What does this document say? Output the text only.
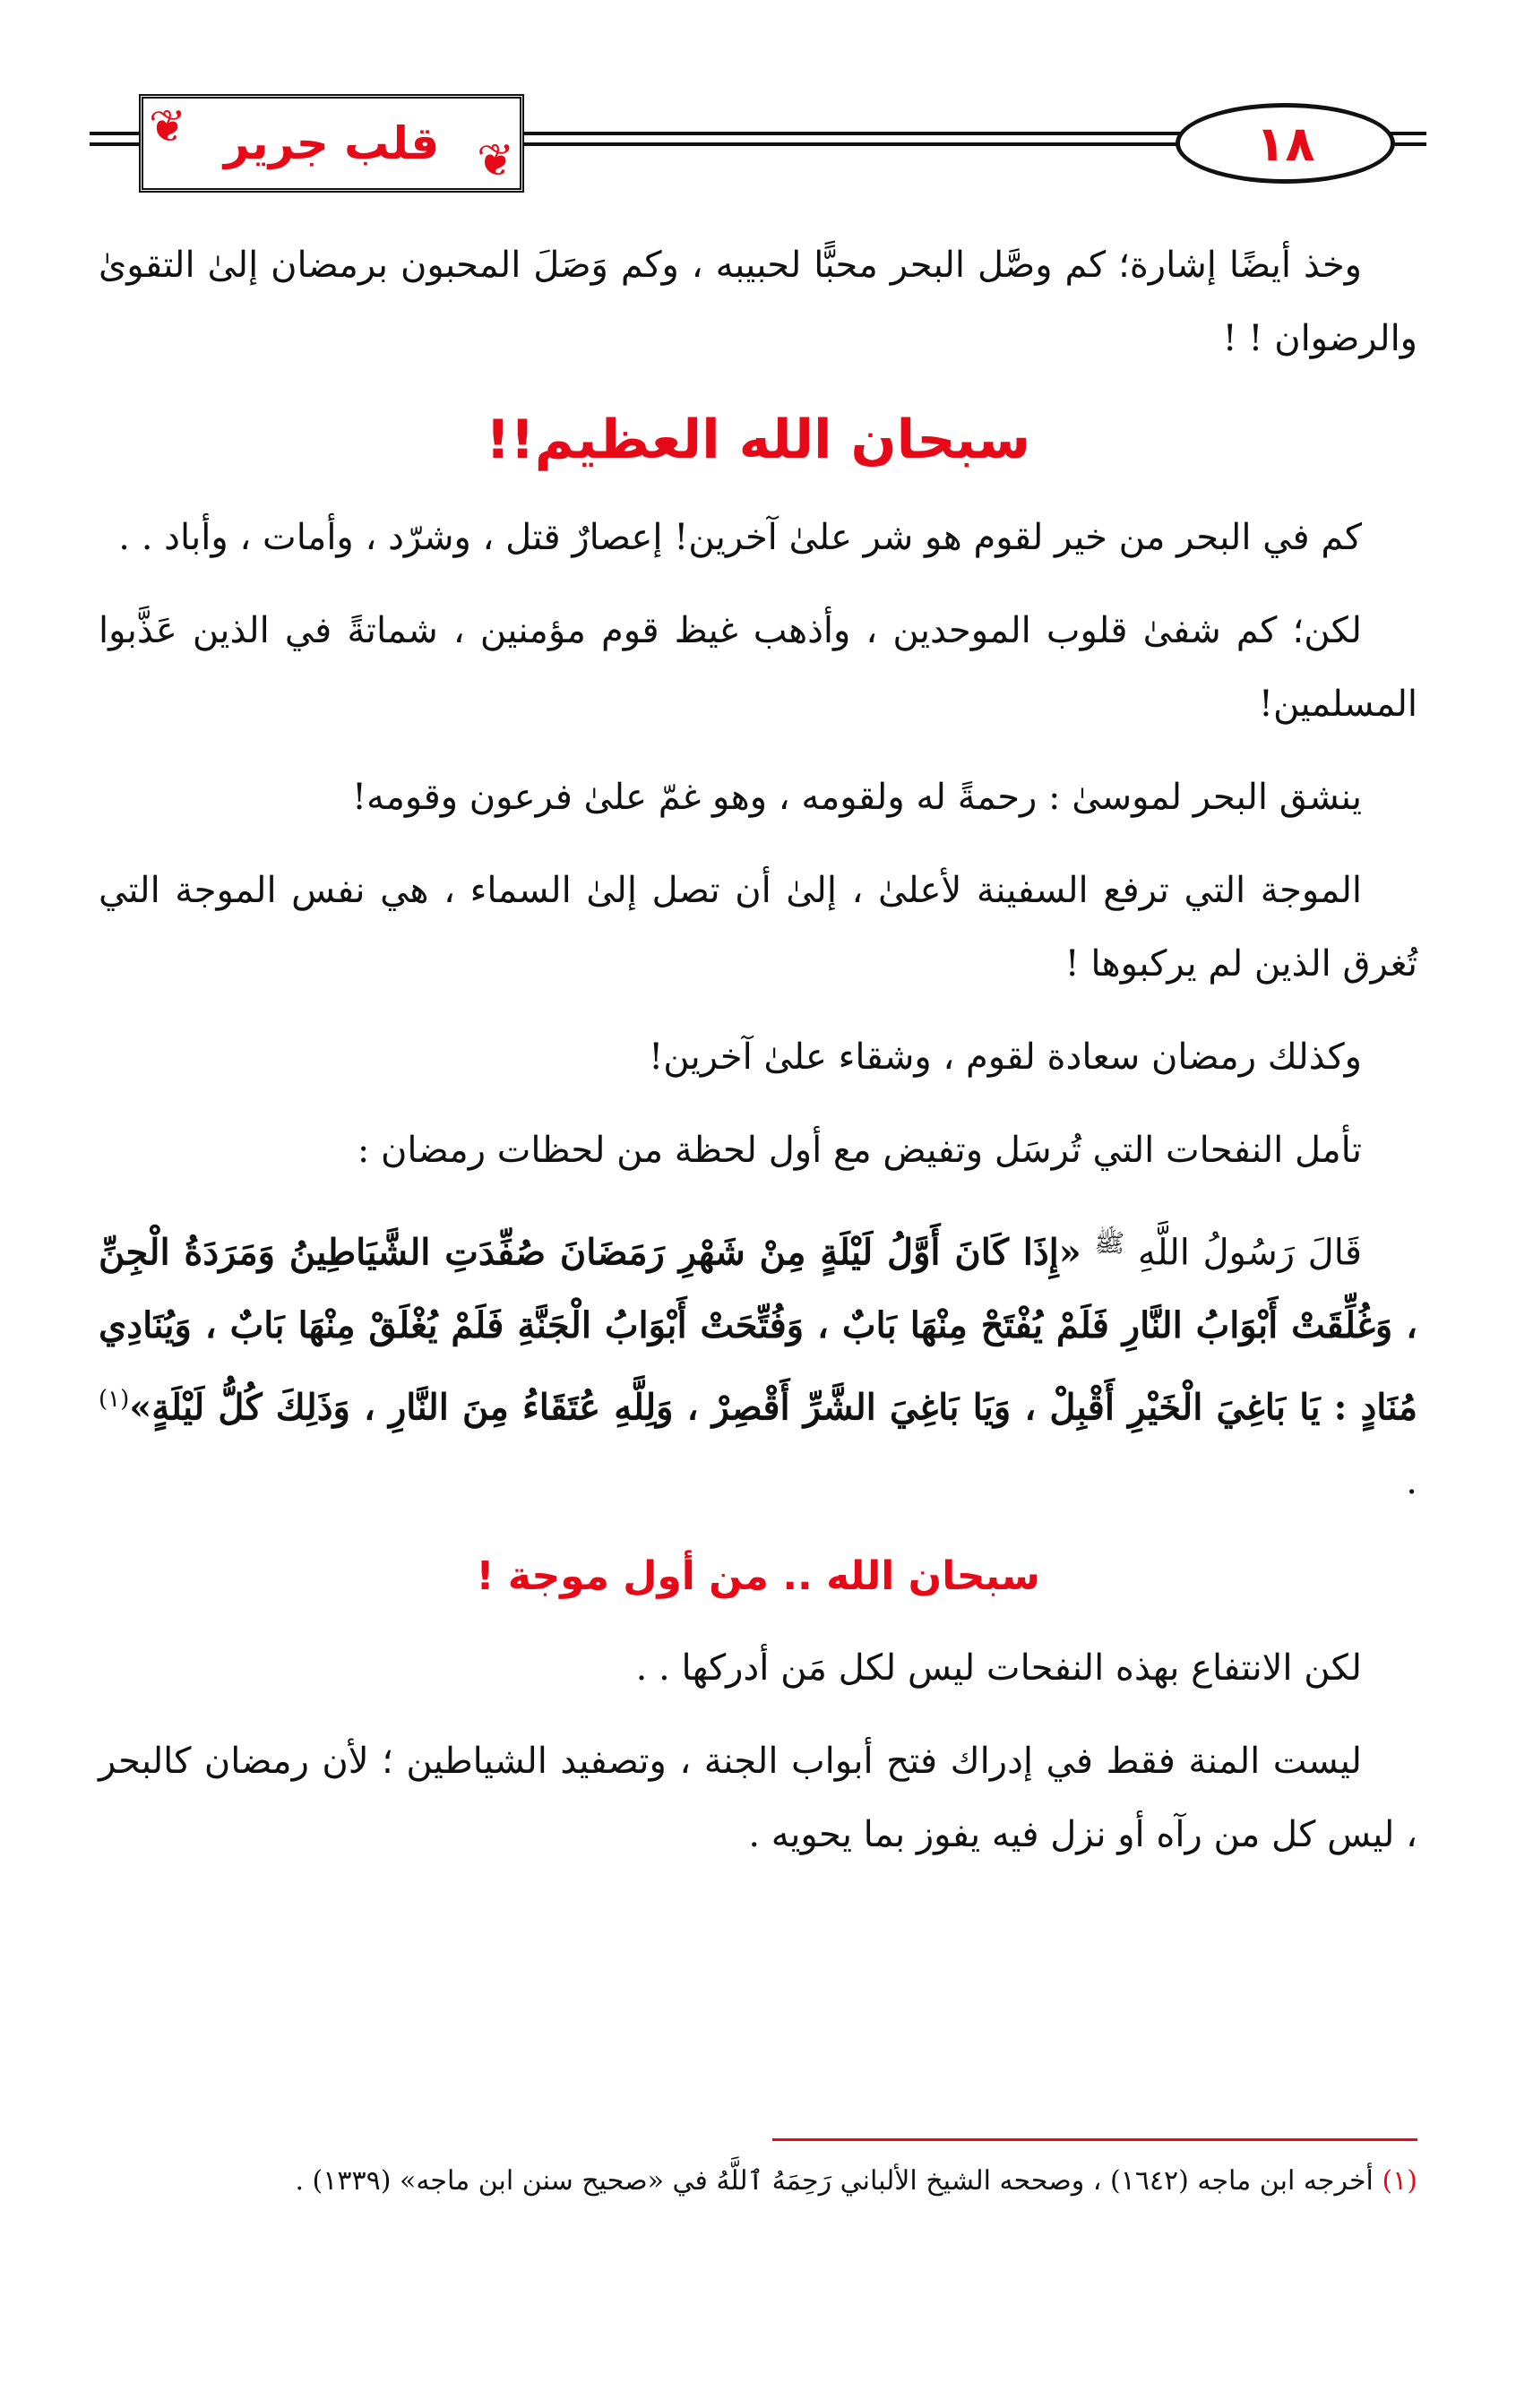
١٨
❦
❦
قلب جرير

وخذ أيضًا إشارة؛ كم وصَّل البحر محبًّا لحبيبه ، وكم وَصَلَ المحبون برمضان إلىٰ التقوىٰ والرضوان ! !

سبحان الله العظيم!!

كم في البحر من خير لقوم هو شر علىٰ آخرين! إعصارٌ قتل ، وشرّد ، وأمات ، وأباد . .

لكن؛ كم شفىٰ قلوب الموحدين ، وأذهب غيظ قوم مؤمنين ، شماتةً في الذين عَذَّبوا المسلمين!

ينشق البحر لموسىٰ : رحمةً له ولقومه ، وهو غمّ علىٰ فرعون وقومه!

الموجة التي ترفع السفينة لأعلىٰ ، إلىٰ أن تصل إلىٰ السماء ، هي نفس الموجة التي تُغرق الذين لم يركبوها !

وكذلك رمضان سعادة لقوم ، وشقاء علىٰ آخرين!

تأمل النفحات التي تُرسَل وتفيض مع أول لحظة من لحظات رمضان :

قَالَ رَسُولُ اللَّهِ $^ﷺ$ «إِذَا كَانَ أَوَّلُ لَيْلَةٍ مِنْ شَهْرِ رَمَضَانَ صُفِّدَتِ الشَّيَاطِينُ وَمَرَدَةُ الْجِنِّ ، وَغُلِّقَتْ أَبْوَابُ النَّارِ فَلَمْ يُفْتَحْ مِنْهَا بَابٌ ، وَفُتِّحَتْ أَبْوَابُ الْجَنَّةِ فَلَمْ يُغْلَقْ مِنْهَا بَابٌ ، وَيُنَادِي مُنَادٍ : يَا بَاغِيَ الْخَيْرِ أَقْبِلْ ، وَيَا بَاغِيَ الشَّرِّ أَقْصِرْ ، وَلِلَّهِ عُتَقَاءُ مِنَ النَّارِ ، وَذَلِكَ كُلُّ لَيْلَةٍ»$^{(١)}$ .

سبحان الله .. من أول موجة !

لكن الانتفاع بهذه النفحات ليس لكل مَن أدركها . .

ليست المنة فقط في إدراك فتح أبواب الجنة ، وتصفيد الشياطين ؛ لأن رمضان كالبحر ، ليس كل من رآه أو نزل فيه يفوز بما يحويه .

(١) أخرجه ابن ماجه (١٦٤٢) ، وصححه الشيخ الألباني رَحِمَهُ ٱللَّهُ في «صحيح سنن ابن ماجه» (١٣٣٩) .
